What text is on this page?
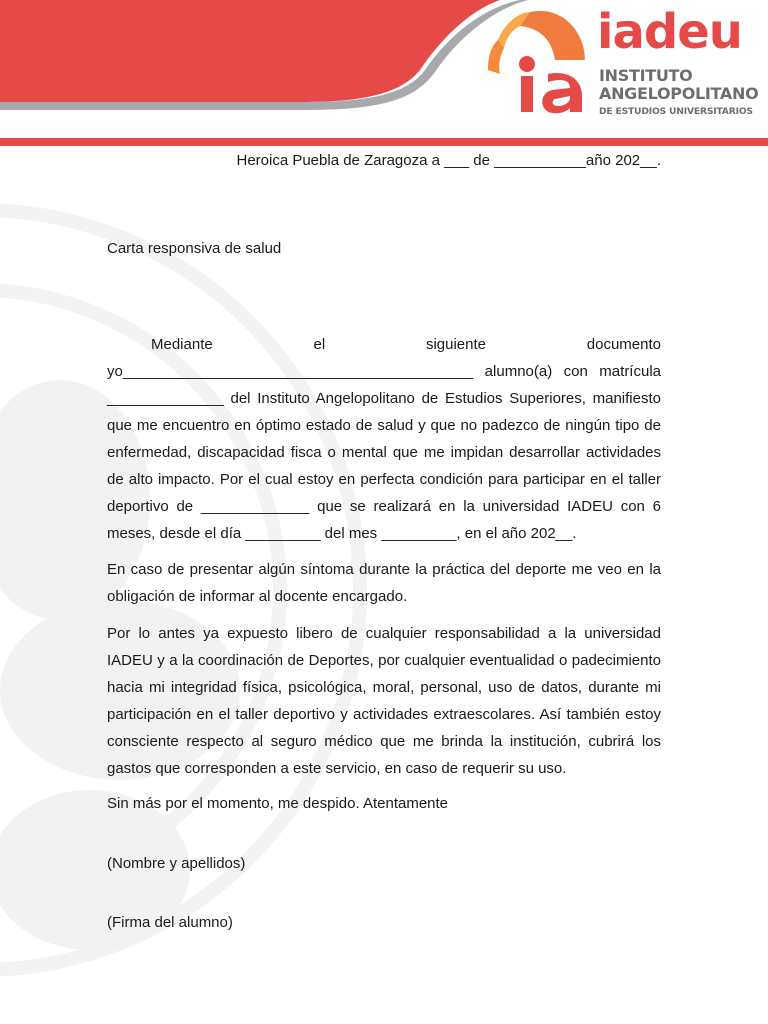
iadeu
INSTITUTO
ANGELOPOLITANO
DE ESTUDIOS UNIVERSITARIOS
Heroica Puebla de Zaragoza a ___ de ___________año 202__.
Carta responsiva de salud
Mediante el siguiente documento yo__________________________________________ alumno(a) con matrícula ______________ del Instituto Angelopolitano de Estudios Superiores, manifiesto que me encuentro en óptimo estado de salud y que no padezco de ningún tipo de enfermedad, discapacidad fisca o mental que me impidan desarrollar actividades de alto impacto. Por el cual estoy en perfecta condición para participar en el taller deportivo de _____________ que se realizará en la universidad IADEU con 6 meses, desde el día _________ del mes _________, en el año 202__.
En caso de presentar algún síntoma durante la práctica del deporte me veo en la obligación de informar al docente encargado.
Por lo antes ya expuesto libero de cualquier responsabilidad a la universidad IADEU y a la coordinación de Deportes, por cualquier eventualidad o padecimiento hacia mi integridad física, psicológica, moral, personal, uso de datos, durante mi participación en el taller deportivo y actividades extraescolares. Así también estoy consciente respecto al seguro médico que me brinda la institución, cubrirá los gastos que corresponden a este servicio, en caso de requerir su uso.
Sin más por el momento, me despido. Atentamente
(Nombre y apellidos)
(Firma del alumno)
